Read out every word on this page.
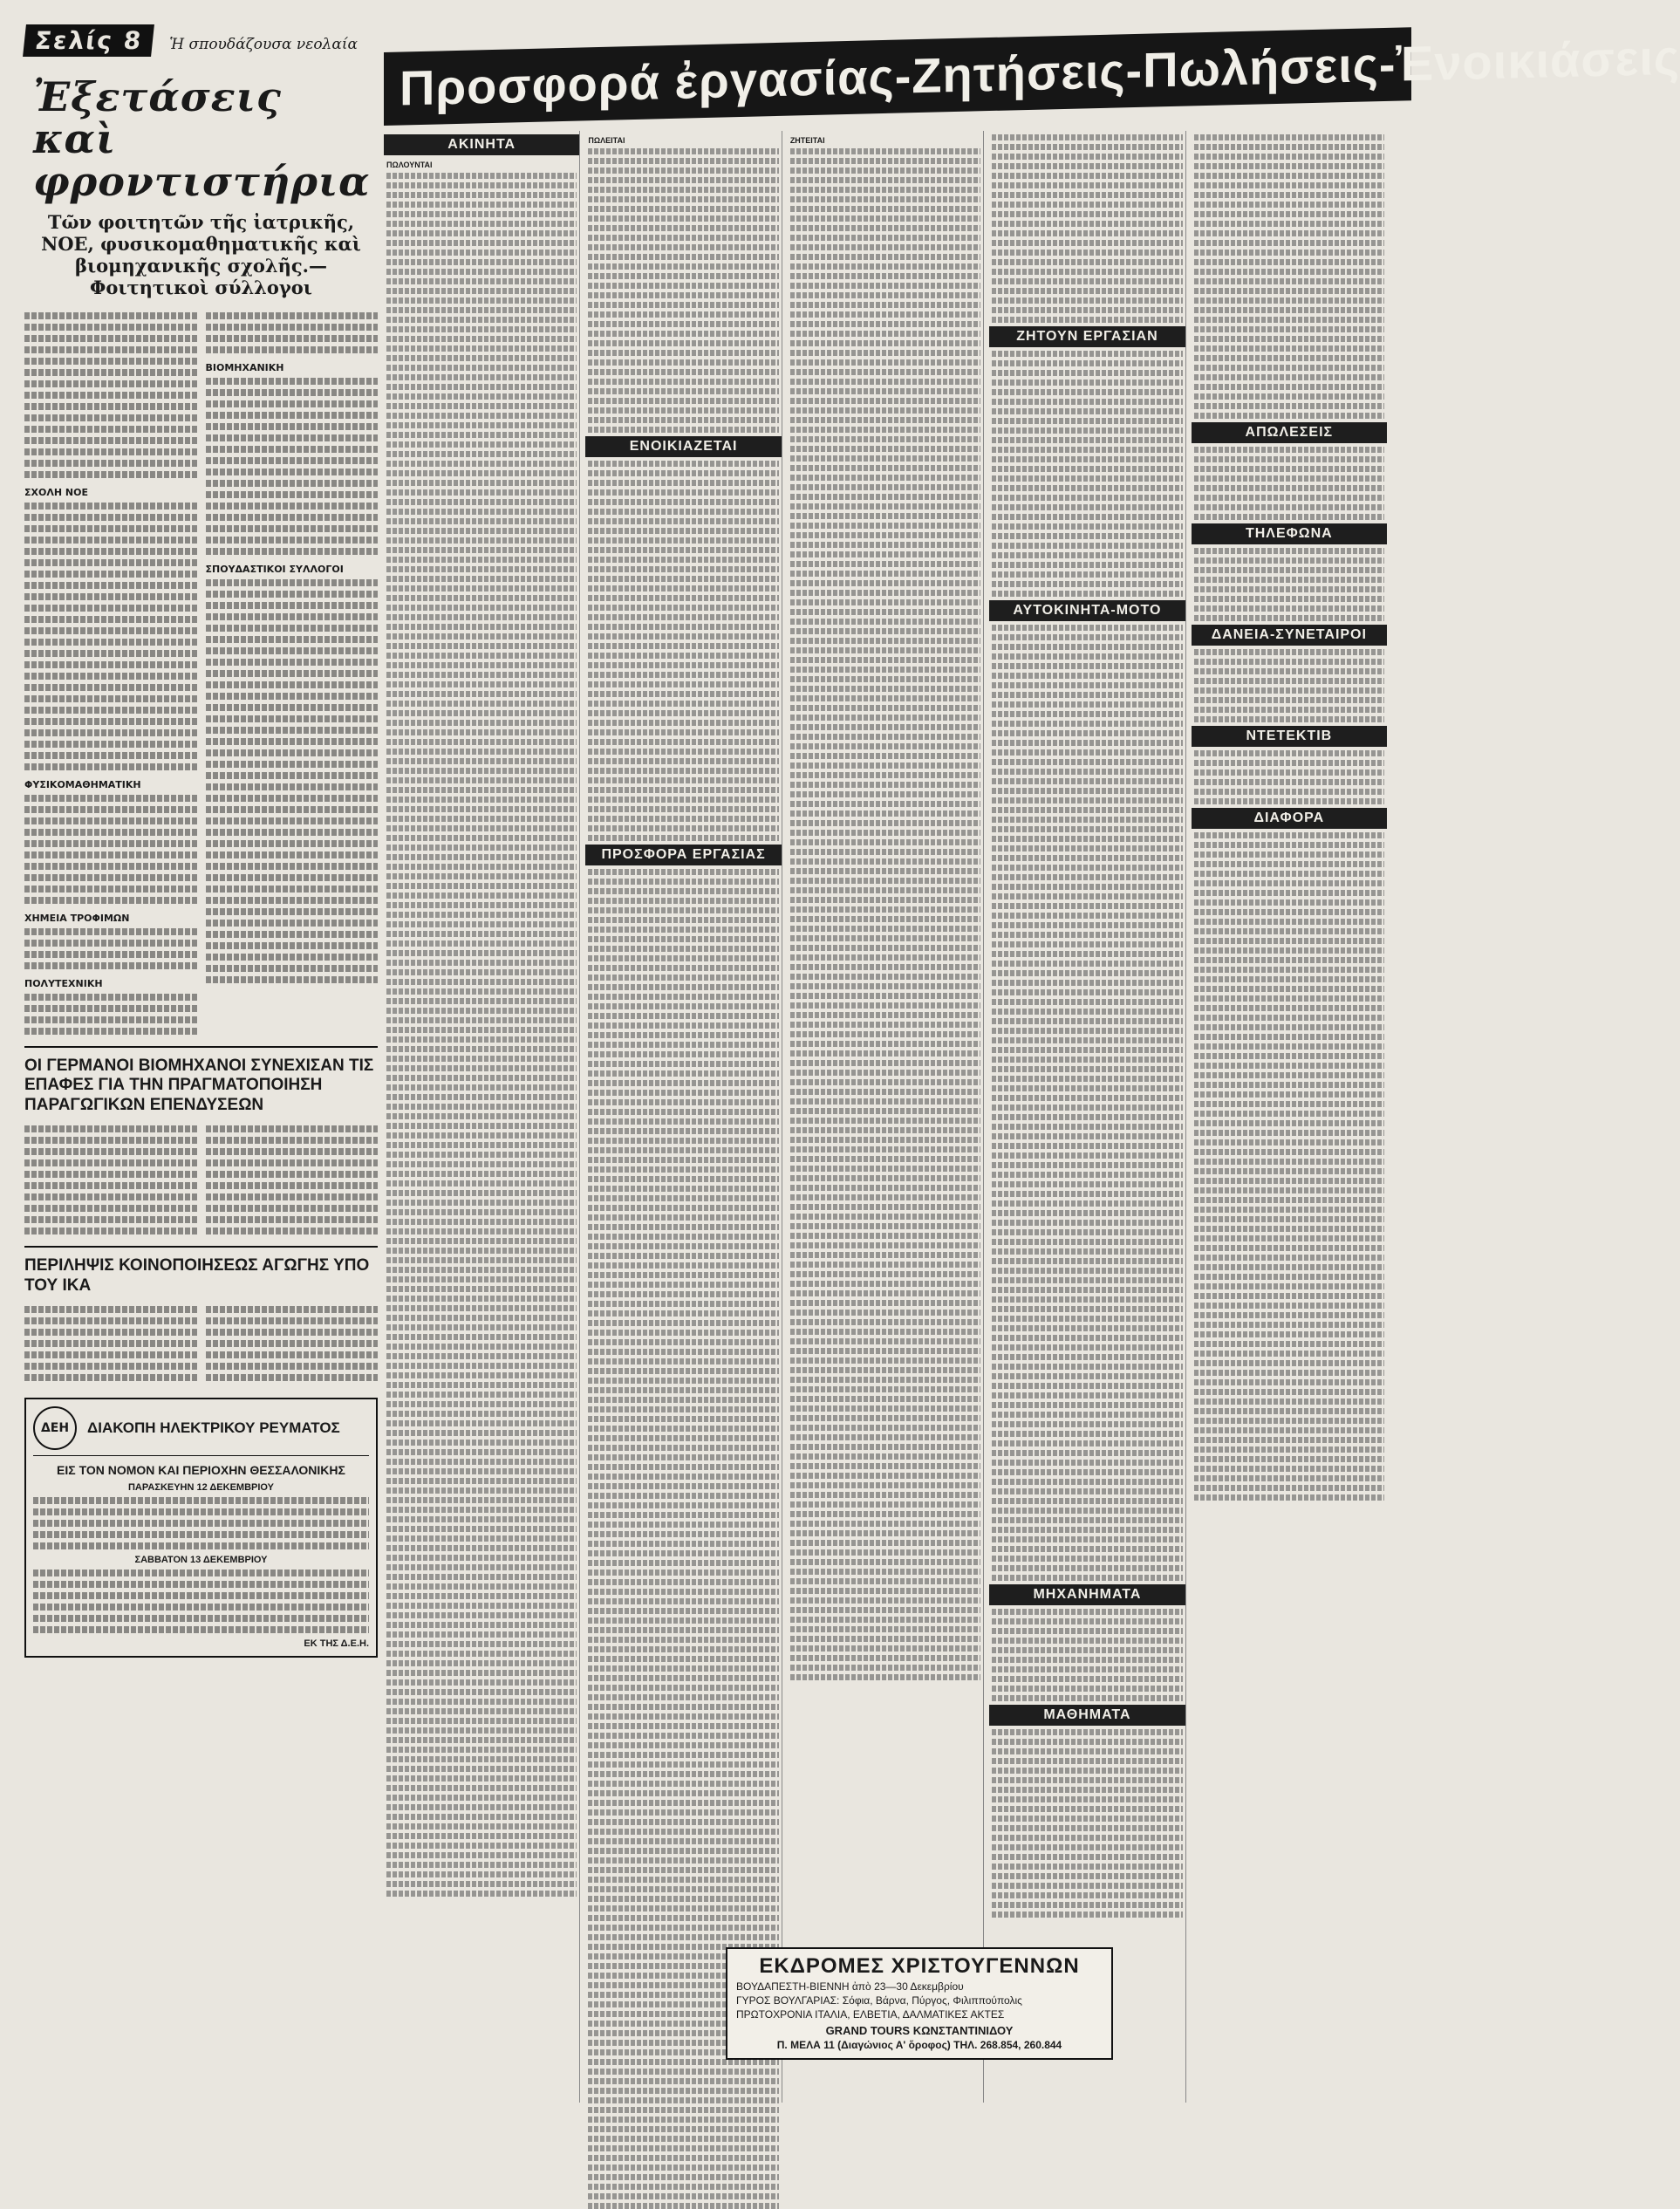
Σελίς 8 Ἡ σπουδάζουσα νεολαία
Ἐξετάσεις καὶ φροντιστήρια
Τῶν φοιτητῶν τῆς ἰατρικῆς, ΝΟΕ, φυσικομαθηματικῆς καὶ βιομηχανικῆς σχολῆς.—Φοιτητικοὶ σύλλογοι
ΣΧΟΛΗ ΝΟΕ
ΦΥΣΙΚΟΜΑΘΗΜΑΤΙΚΗ
ΧΗΜΕΙΑ ΤΡΟΦΙΜΩΝ
ΠΟΛΥΤΕΧΝΙΚΗ
ΒΙΟΜΗΧΑΝΙΚΗ
ΣΠΟΥΔΑΣΤΙΚΟΙ ΣΥΛΛΟΓΟΙ
ΟΙ ΓΕΡΜΑΝΟΙ ΒΙΟΜΗΧΑΝΟΙ ΣΥΝΕΧΙΣΑΝ ΤΙΣ ΕΠΑΦΕΣ ΓΙΑ ΤΗΝ ΠΡΑΓΜΑΤΟΠΟΙΗΣΗ ΠΑΡΑΓΩΓΙΚΩΝ ΕΠΕΝΔΥΣΕΩΝ
ΠΕΡΙΛΗΨΙΣ ΚΟΙΝΟΠΟΙΗΣΕΩΣ ΑΓΩΓΗΣ ΥΠΟ ΤΟΥ ΙΚΑ
ΔΕΗ	ΔΙΑΚΟΠΗ ΗΛΕΚΤΡΙΚΟΥ ΡΕΥΜΑΤΟΣ
ΕΙΣ ΤΟΝ ΝΟΜΟΝ ΚΑΙ ΠΕΡΙΟΧΗΝ ΘΕΣΣΑΛΟΝΙΚΗΣ
ΠΑΡΑΣΚΕΥΗΝ 12 ΔΕΚΕΜΒΡΙΟΥ
ΣΑΒΒΑΤΟΝ 13 ΔΕΚΕΜΒΡΙΟΥ
ΕΚ ΤΗΣ Δ.Ε.Η.
Προσφορά ἐργασίας-Ζητήσεις-Πωλήσεις-Ἐνοικιάσεις
ΑΚΙΝΗΤΑ
ΠΩΛΟΥΝΤΑΙ
ΠΩΛΕΙΤΑΙ
ΕΝΟΙΚΙΑΖΕΤΑΙ
ΠΡΟΣΦΟΡΑ ΕΡΓΑΣΙΑΣ
ΖΗΤΕΙΤΑΙ
ΖΗΤΟΥΝ ΕΡΓΑΣΙΑΝ
ΑΥΤΟΚΙΝΗΤΑ-ΜΟΤΟ
ΜΗΧΑΝΗΜΑΤΑ
ΜΑΘΗΜΑΤΑ
ΑΠΩΛΕΣΕΙΣ
ΤΗΛΕΦΩΝΑ
ΔΑΝΕΙΑ-ΣΥΝΕΤΑΙΡΟΙ
ΝΤΕΤΕΚΤΙΒ
ΔΙΑΦΟΡΑ
ΕΚΔΡΟΜΕΣ ΧΡΙΣΤΟΥΓΕΝΝΩΝ
ΒΟΥΔΑΠΕΣΤΗ-ΒΙΕΝΝΗ ἀπὸ 23—30 Δεκεμβρίου
ΓΥΡΟΣ ΒΟΥΛΓΑΡΙΑΣ: Σόφια, Βάρνα, Πύργος, Φιλιππούπολις
ΠΡΩΤΟΧΡΟΝΙΑ ΙΤΑΛΙΑ, ΕΛΒΕΤΙΑ, ΔΑΛΜΑΤΙΚΕΣ ΑΚΤΕΣ
GRAND TOURS ΚΩΝΣΤΑΝΤΙΝΙΔΟΥ
Π. ΜΕΛΑ 11 (Διαγώνιος Α' ὅροφος) ΤΗΛ. 268.854, 260.844
